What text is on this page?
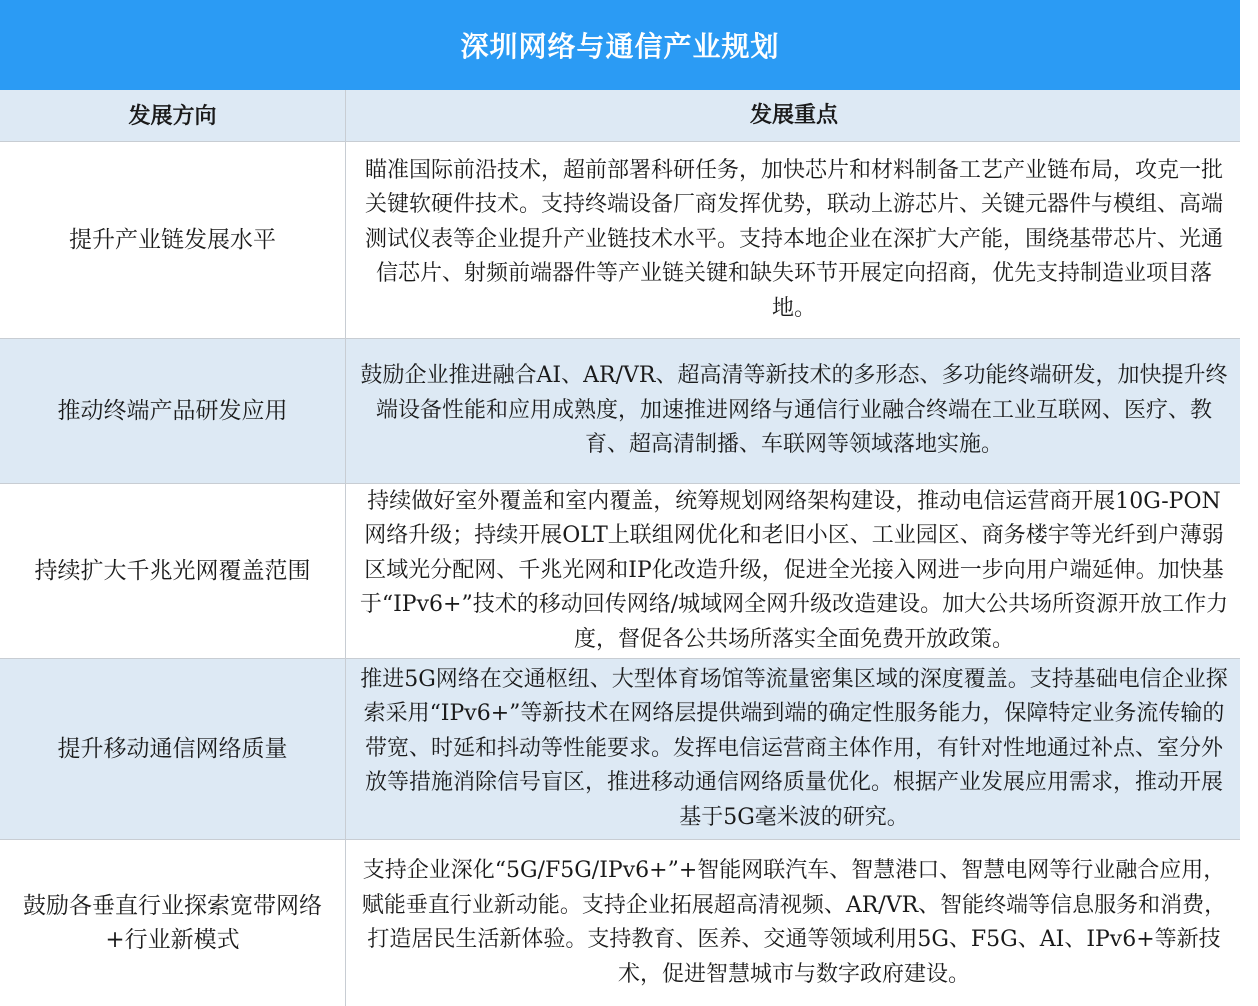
深圳网络与通信产业规划
发展方向	发展重点
提升产业链发展水平
瞄准国际前沿技术，超前部署科研任务，加快芯片和材料制备工艺产业链布局，攻克一批关键软硬件技术。支持终端设备厂商发挥优势，联动上游芯片、关键元器件与模组、高端测试仪表等企业提升产业链技术水平。支持本地企业在深扩大产能，围绕基带芯片、光通信芯片、射频前端器件等产业链关键和缺失环节开展定向招商，优先支持制造业项目落地。
推动终端产品研发应用
鼓励企业推进融合AI、AR/VR、超高清等新技术的多形态、多功能终端研发，加快提升终端设备性能和应用成熟度，加速推进网络与通信行业融合终端在工业互联网、医疗、教育、超高清制播、车联网等领域落地实施。
持续扩大千兆光网覆盖范围
持续做好室外覆盖和室内覆盖，统筹规划网络架构建设，推动电信运营商开展10G-PON网络升级；持续开展OLT上联组网优化和老旧小区、工业园区、商务楼宇等光纤到户薄弱区域光分配网、千兆光网和IP化改造升级，促进全光接入网进一步向用户端延伸。加快基于“IPv6+”技术的移动回传网络/城域网全网升级改造建设。加大公共场所资源开放工作力度，督促各公共场所落实全面免费开放政策。
提升移动通信网络质量
推进5G网络在交通枢纽、大型体育场馆等流量密集区域的深度覆盖。支持基础电信企业探索采用“IPv6+”等新技术在网络层提供端到端的确定性服务能力，保障特定业务流传输的带宽、时延和抖动等性能要求。发挥电信运营商主体作用，有针对性地通过补点、室分外放等措施消除信号盲区，推进移动通信网络质量优化。根据产业发展应用需求，推动开展基于5G毫米波的研究。
鼓励各垂直行业探索宽带网络+行业新模式
支持企业深化“5G/F5G/IPv6+”+智能网联汽车、智慧港口、智慧电网等行业融合应用，赋能垂直行业新动能。支持企业拓展超高清视频、AR/VR、智能终端等信息服务和消费，打造居民生活新体验。支持教育、医养、交通等领域利用5G、F5G、AI、IPv6+等新技术，促进智慧城市与数字政府建设。
